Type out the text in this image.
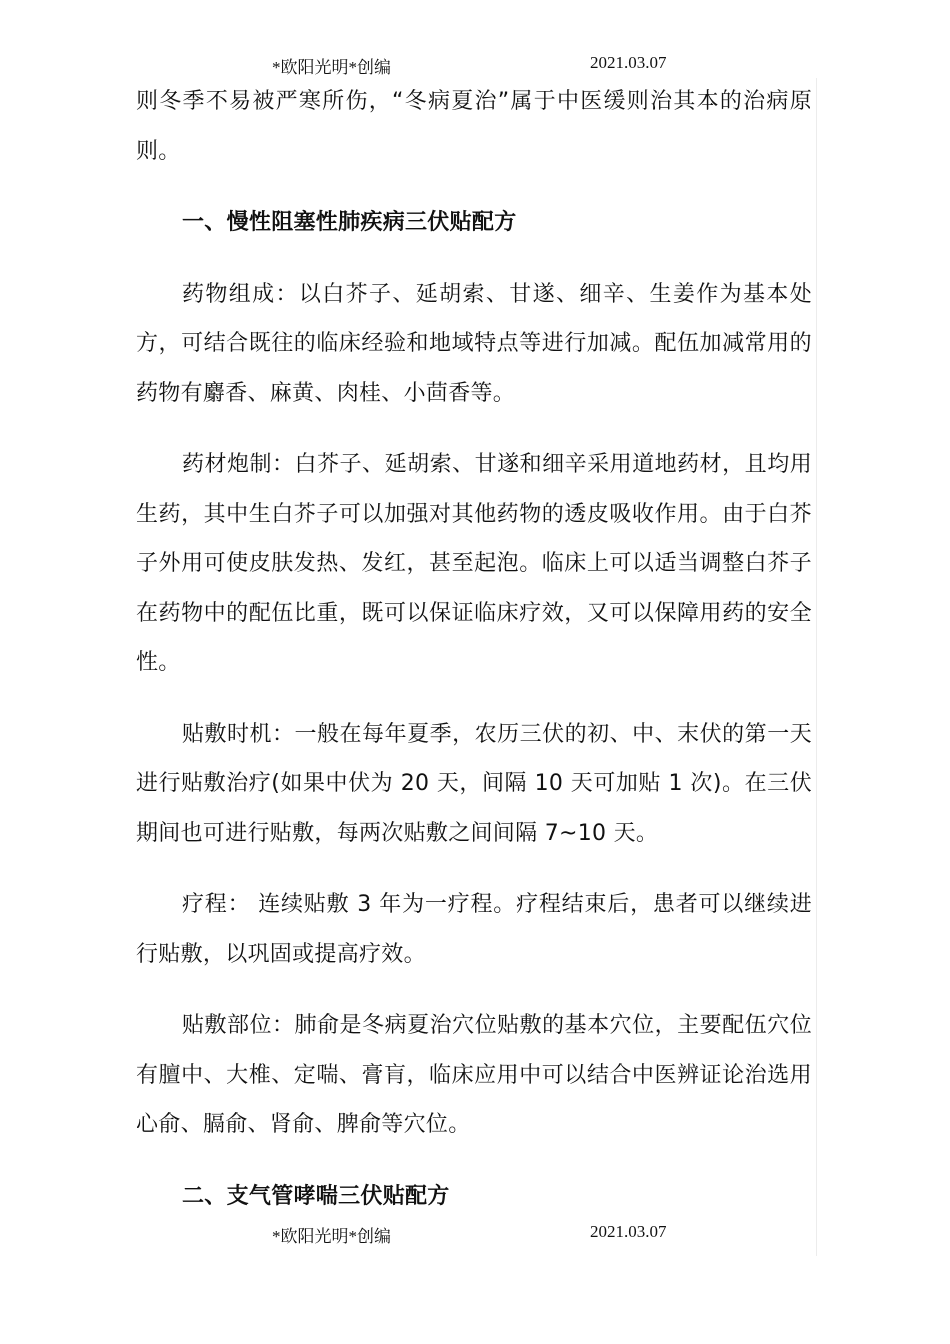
*欧阳光明*创编	2021.03.07

则冬季不易被严寒所伤，“冬病夏治”属于中医缓则治其本的治病原则。

一、慢性阻塞性肺疾病三伏贴配方

药物组成：以白芥子、延胡索、甘遂、细辛、生姜作为基本处方，可结合既往的临床经验和地域特点等进行加减。配伍加减常用的药物有麝香、麻黄、肉桂、小茴香等。

药材炮制：白芥子、延胡索、甘遂和细辛采用道地药材，且均用生药，其中生白芥子可以加强对其他药物的透皮吸收作用。由于白芥子外用可使皮肤发热、发红，甚至起泡。临床上可以适当调整白芥子在药物中的配伍比重，既可以保证临床疗效，又可以保障用药的安全性。

贴敷时机：一般在每年夏季，农历三伏的初、中、末伏的第一天进行贴敷治疗(如果中伏为 20 天，间隔 10 天可加贴 1 次)。在三伏期间也可进行贴敷，每两次贴敷之间间隔 7~10 天。

疗程： 连续贴敷 3 年为一疗程。疗程结束后，患者可以继续进行贴敷，以巩固或提高疗效。

贴敷部位：肺俞是冬病夏治穴位贴敷的基本穴位，主要配伍穴位有膻中、大椎、定喘、膏肓，临床应用中可以结合中医辨证论治选用心俞、膈俞、肾俞、脾俞等穴位。

二、支气管哮喘三伏贴配方

*欧阳光明*创编	2021.03.07
